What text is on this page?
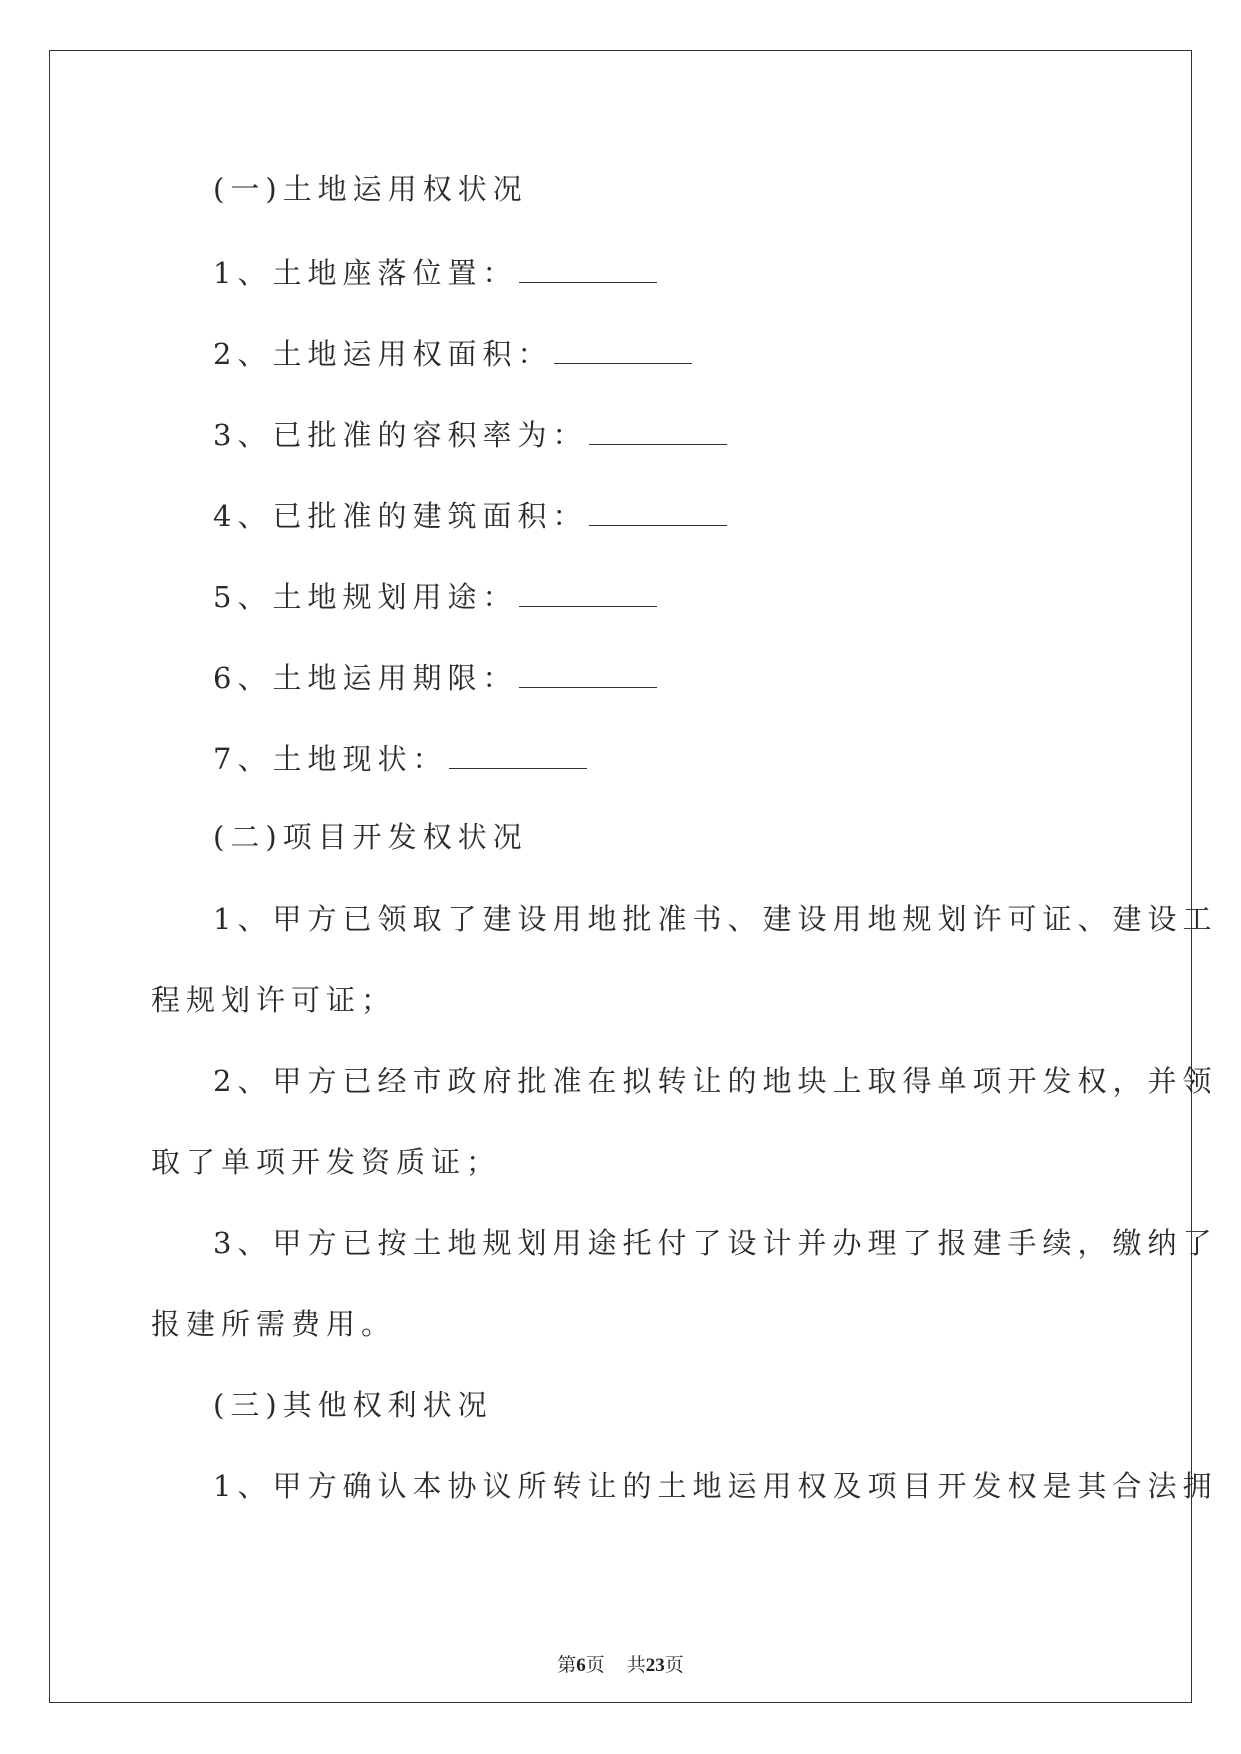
(一)土地运用权状况
1、土地座落位置：
2、土地运用权面积：
3、已批准的容积率为：
4、已批准的建筑面积：
5、土地规划用途：
6、土地运用期限：
7、土地现状：
(二)项目开发权状况
1、甲方已领取了建设用地批准书、建设用地规划许可证、建设工
程规划许可证；
2、甲方已经市政府批准在拟转让的地块上取得单项开发权，并领
取了单项开发资质证；
3、甲方已按土地规划用途托付了设计并办理了报建手续，缴纳了
报建所需费用。
(三)其他权利状况
1、甲方确认本协议所转让的土地运用权及项目开发权是其合法拥
第6页 共23页
